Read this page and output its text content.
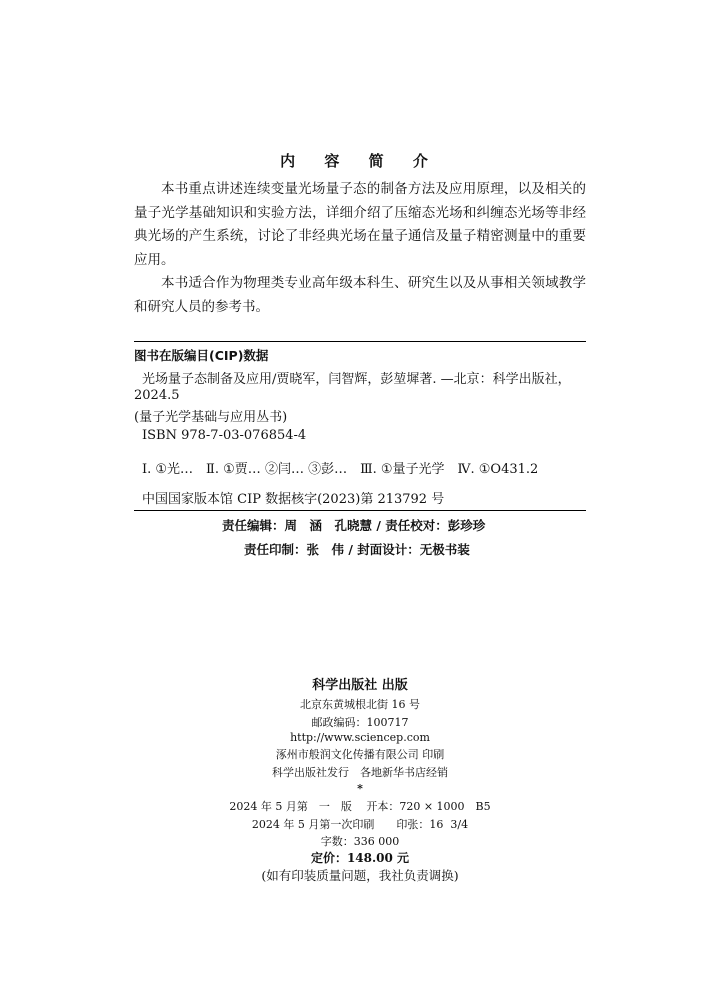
内 容 简 介

本书重点讲述连续变量光场量子态的制备方法及应用原理，以及相关的量子光学基础知识和实验方法，详细介绍了压缩态光场和纠缠态光场等非经典光场的产生系统，讨论了非经典光场在量子通信及量子精密测量中的重要应用。

本书适合作为物理类专业高年级本科生、研究生以及从事相关领域教学和研究人员的参考书。

图书在版编目(CIP)数据
光场量子态制备及应用/贾晓军，闫智辉，彭堃墀著. —北京：科学出版社，
2024.5
(量子光学基础与应用丛书)
ISBN 978-7-03-076854-4
Ⅰ. ①光…　Ⅱ. ①贾… ②闫… ③彭…　Ⅲ. ①量子光学　Ⅳ. ①O431.2
中国国家版本馆 CIP 数据核字(2023)第 213792 号
责任编辑：周　涵　孔晓慧 / 责任校对：彭珍珍
责任印制：张　伟 / 封面设计：无极书装
科学出版社 出版
北京东黄城根北街 16 号
邮政编码：100717
http://www.sciencep.com
涿州市般润文化传播有限公司 印刷
科学出版社发行　各地新华书店经销
*
2024 年 5 月第　一　版　 开本：720 × 1000　B5
2024 年 5 月第一次印刷　　印张：16  3/4
字数：336 000
定价：148.00 元
(如有印装质量问题，我社负责调换)
